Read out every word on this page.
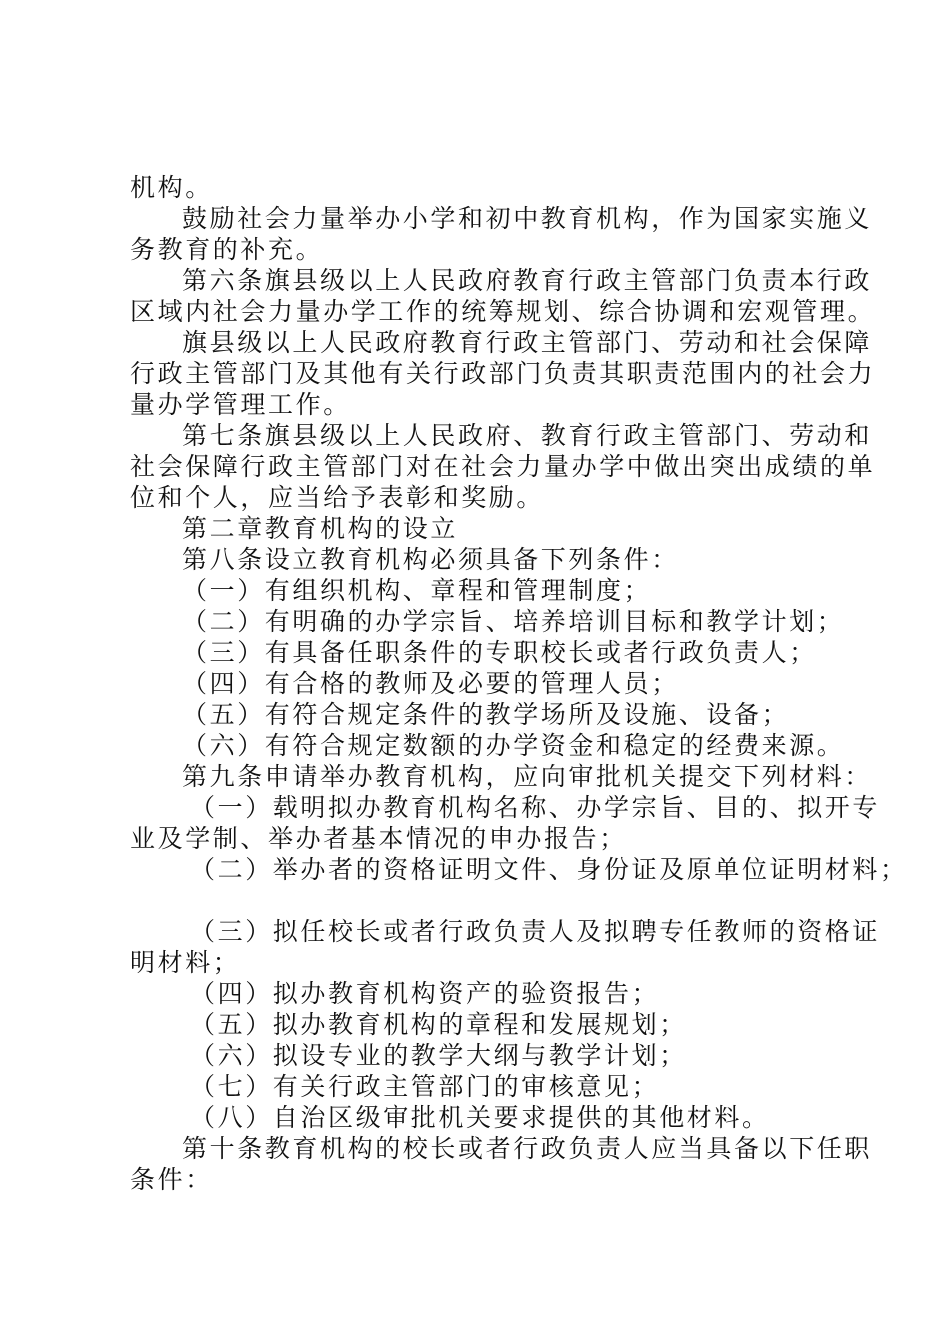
机构。
鼓励社会力量举办小学和初中教育机构，作为国家实施义
务教育的补充。
第六条旗县级以上人民政府教育行政主管部门负责本行政
区域内社会力量办学工作的统筹规划、综合协调和宏观管理。
旗县级以上人民政府教育行政主管部门、劳动和社会保障
行政主管部门及其他有关行政部门负责其职责范围内的社会力
量办学管理工作。
第七条旗县级以上人民政府、教育行政主管部门、劳动和
社会保障行政主管部门对在社会力量办学中做出突出成绩的单
位和个人，应当给予表彰和奖励。
第二章教育机构的设立
第八条设立教育机构必须具备下列条件：
（一）有组织机构、章程和管理制度；
（二）有明确的办学宗旨、培养培训目标和教学计划；
（三）有具备任职条件的专职校长或者行政负责人；
（四）有合格的教师及必要的管理人员；
（五）有符合规定条件的教学场所及设施、设备；
（六）有符合规定数额的办学资金和稳定的经费来源。
第九条申请举办教育机构，应向审批机关提交下列材料：
（一）载明拟办教育机构名称、办学宗旨、目的、拟开专
业及学制、举办者基本情况的申办报告；
（二）举办者的资格证明文件、身份证及原单位证明材料；
（三）拟任校长或者行政负责人及拟聘专任教师的资格证
明材料；
（四）拟办教育机构资产的验资报告；
（五）拟办教育机构的章程和发展规划；
（六）拟设专业的教学大纲与教学计划；
（七）有关行政主管部门的审核意见；
（八）自治区级审批机关要求提供的其他材料。
第十条教育机构的校长或者行政负责人应当具备以下任职
条件：
